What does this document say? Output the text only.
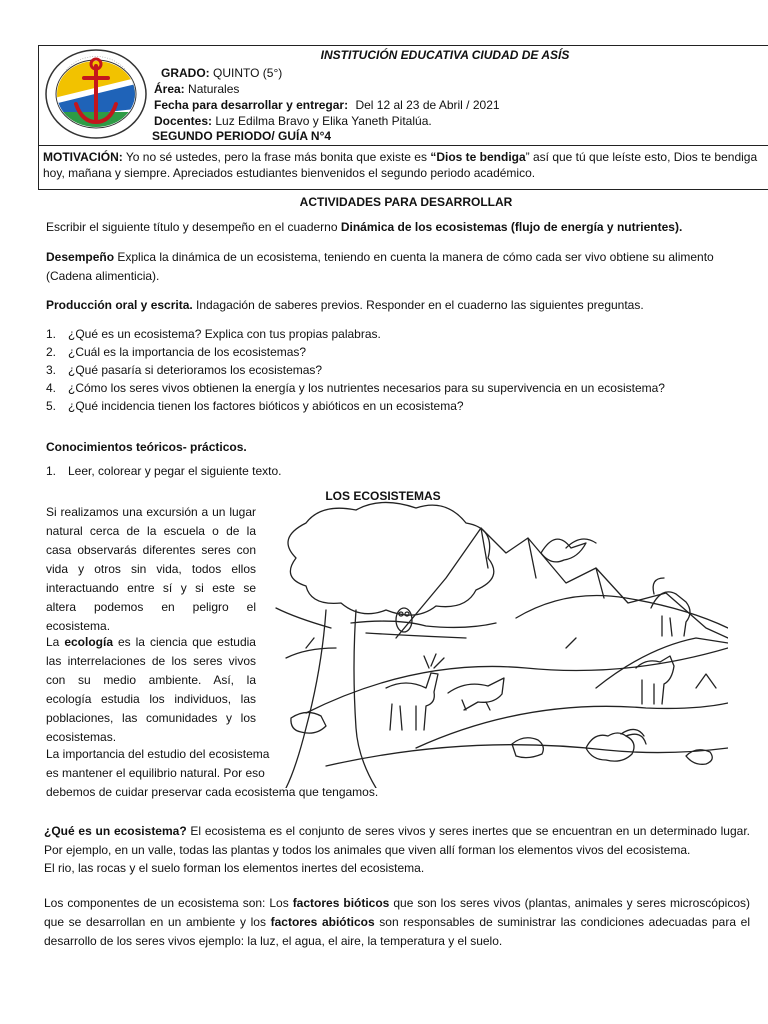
INSTITUCIÓN EDUCATIVA CIUDAD DE ASÍS
GRADO: QUINTO (5°)
Área: Naturales
Fecha para desarrollar y entregar: Del 12 al 23 de Abril / 2021
Docentes: Luz Edilma Bravo y Elika Yaneth Pitalúa.
SEGUNDO PERIODO/ GUÍA N°4
MOTIVACIÓN: Yo no sé ustedes, pero la frase más bonita que existe es “Dios te bendiga” así que tú que leíste esto, Dios te bendiga hoy, mañana y siempre. Apreciados estudiantes bienvenidos el segundo periodo académico.
ACTIVIDADES PARA DESARROLLAR
Escribir el siguiente título y desempeño en el cuaderno Dinámica de los ecosistemas (flujo de energía y nutrientes).
Desempeño Explica la dinámica de un ecosistema, teniendo en cuenta la manera de cómo cada ser vivo obtiene su alimento (Cadena alimenticia).
Producción oral y escrita. Indagación de saberes previos. Responder en el cuaderno las siguientes preguntas.
1. ¿Qué es un ecosistema? Explica con tus propias palabras.
2. ¿Cuál es la importancia de los ecosistemas?
3. ¿Qué pasaría si deterioramos los ecosistemas?
4. ¿Cómo los seres vivos obtienen la energía y los nutrientes necesarios para su supervivencia en un ecosistema?
5. ¿Qué incidencia tienen los factores bióticos y abióticos en un ecosistema?
Conocimientos teóricos- prácticos.
1. Leer, colorear y pegar el siguiente texto.
LOS ECOSISTEMAS
Si realizamos una excursión a un lugar natural cerca de la escuela o de la casa observarás diferentes seres con vida y otros sin vida, todos ellos interactuando entre sí y si este se altera podemos en peligro el ecosistema.
La ecología es la ciencia que estudia las interrelaciones de los seres vivos con su medio ambiente. Así, la ecología estudia los individuos, las poblaciones, las comunidades y los ecosistemas.
La importancia del estudio del ecosistema
es mantener el equilibrio natural. Por eso
debemos de cuidar preservar cada ecosistema que tengamos.
¿Qué es un ecosistema? El ecosistema es el conjunto de seres vivos y seres inertes que se encuentran en un determinado lugar. Por ejemplo, en un valle, todas las plantas y todos los animales que viven allí forman los elementos vivos del ecosistema.
El rio, las rocas y el suelo forman los elementos inertes del ecosistema.
Los componentes de un ecosistema son: Los factores bióticos que son los seres vivos (plantas, animales y seres microscópicos) que se desarrollan en un ambiente y los factores abióticos son responsables de suministrar las condiciones adecuadas para el desarrollo de los seres vivos ejemplo: la luz, el agua, el aire, la temperatura y el suelo.
